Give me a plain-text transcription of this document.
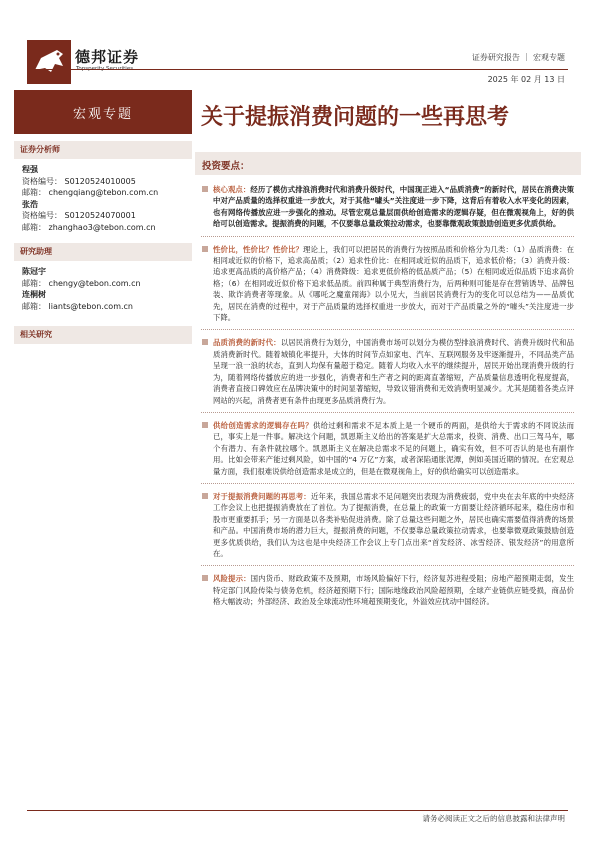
德邦证券
Topsperity Securities
证券研究报告 ｜ 宏观专题
2025 年 02 月 13 日
宏观专题
证券分析师
程强
资格编号： S0120524010005
邮箱： chengqiang@tebon.com.cn
张浩
资格编号： S0120524070001
邮箱： zhanghao3@tebon.com.cn
研究助理
陈冠宇
邮箱： chengy@tebon.com.cn
连桐树
邮箱： liants@tebon.com.cn
相关研究
关于提振消费问题的一些再思考
投资要点：
核心观点：经历了模仿式排浪消费时代和消费升级时代，中国现正进入“品质消费”的新时代，居民在消费决策中对产品质量的选择权重进一步放大，对于其他“噱头”关注度进一步下降，这背后有着收入水平变化的因素，也有网络传播放应进一步强化的推动。尽管宏观总量层面供给创造需求的逻辑存疑，但在微观视角上，好的供给可以创造需求。提振消费的问题，不仅要靠总量政策拉动需求，也要靠微观政策鼓励创造更多优质供给。
性价比，性价比？性价比？理论上，我们可以把居民的消费行为按照品质和价格分为几类：（1）品质消费：在相同或近似的价格下，追求高品质；（2）追求性价比：在相同或近似的品质下，追求低价格；（3）消费升级：追求更高品质的高价格产品；（4）消费降级：追求更低价格的低品质产品；（5）在相同或近似品质下追求高价格；（6）在相同或近似价格下追求低品质。前四种属于典型消费行为，后两种则可能是存在营销诱导、品牌包装、欺诈消费者等现象。从《哪吒之魔童闹海》以小见大，当前居民消费行为的变化可以总结为——品质优先，居民在消费的过程中，对于产品质量的选择权重进一步放大，而对于产品质量之外的“噱头”关注度进一步下降。
品质消费的新时代：以居民消费行为划分，中国消费市场可以划分为模仿型排浪消费时代、消费升级时代和品质消费新时代。随着城镇化率提升，大体的时间节点如家电、汽车、互联网服务及牢逐渐提升，不同品类产品呈现一浪一浪的状态，直到人均保有量超于稳定。随着人均收入水平的继续提升，居民开始出现消费升级的行为，随着网络传播放应的进一步强化，消费者和生产者之间的距离直著缩短，产品质量信息透明化程度提高，消费者直接口碑效应在品牌决策中的时间显著缩短，导致议错消费和无效消费明显减少。尤其是随着各类点评网站的兴起，消费者更有条件由现更多品质消费行为。
供给创造需求的逻辑存在吗？供给过剩和需求不足本质上是一个硬币的两面，是供给大于需求的不同说法而已，事实上是一件事。解决这个问题，凯恩斯主义给出的答案是扩大总需求，投资、消费、出口三驾马车，哪个有潜力、有条件就拉哪个。凯恩斯主义在解决总需求不足的问题上，确实有效，但不可否认的是也有副作用。比如会带来产能过剩风险，如中国的“4 万亿”方案，或者深陷通胀泥潭，例如美国近期的情况。在宏观总量方面，我们很难说供给创造需求是成立的，但是在微观视角上，好的供给确实可以创造需求。
对于提振消费问题的再思考：近年来，我国总需求不足问题突出表现为消费疲弱，党中央在去年底的中央经济工作会议上也把提振消费放在了首位。为了提振消费，在总量上的政策一方面要让经济循环起来，稳住房市和股市更重要抓手；另一方面是以各类补贴促进消费。除了总量这些问题之外，居民也确实需要值得消费的场景和产品。中国消费市场的潜力巨大，提振消费的问题，不仅要靠总量政策拉动需求，也要靠微观政策鼓励创造更多优质供给，我们认为这也是中央经济工作会议上专门点出来“首发经济、冰雪经济、银发经济”的用意所在。
风险提示：国内货币、财政政策不及预期，市场风险偏好下行，经济复苏进程受阻；房地产超预期走弱，发生特定部门风险传染与债务危机，经济超预期下行；国际地缘政治风险超预期，全球产业链供应链受损，商品价格大幅波动；外部经济、政治及全球流动性环境超预期变化，外溢效应扰动中国经济。
请务必阅读正文之后的信息披露和法律声明
